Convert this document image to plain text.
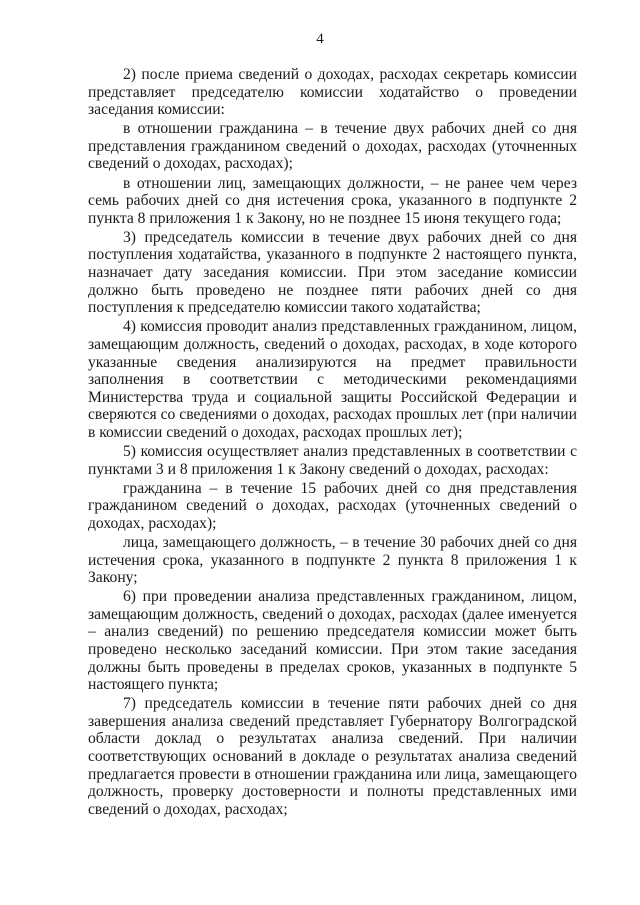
4

2) после приема сведений о доходах, расходах секретарь комиссии представляет председателю комиссии ходатайство о проведении заседания комиссии:

в отношении гражданина – в течение двух рабочих дней со дня представления гражданином сведений о доходах, расходах (уточненных сведений о доходах, расходах);

в отношении лиц, замещающих должности, – не ранее чем через семь рабочих дней со дня истечения срока, указанного в подпункте 2 пункта 8 приложения 1 к Закону, но не позднее 15 июня текущего года;

3) председатель комиссии в течение двух рабочих дней со дня поступления ходатайства, указанного в подпункте 2 настоящего пункта, назначает дату заседания комиссии. При этом заседание комиссии должно быть проведено не позднее пяти рабочих дней со дня поступления к председателю комиссии такого ходатайства;

4) комиссия проводит анализ представленных гражданином, лицом, замещающим должность, сведений о доходах, расходах, в ходе которого указанные сведения анализируются на предмет правильности заполнения в соответствии с методическими рекомендациями Министерства труда и социальной защиты Российской Федерации и сверяются со сведениями о доходах, расходах прошлых лет (при наличии в комиссии сведений о доходах, расходах прошлых лет);

5) комиссия осуществляет анализ представленных в соответствии с пунктами 3 и 8 приложения 1 к Закону сведений о доходах, расходах:

гражданина – в течение 15 рабочих дней со дня представления гражданином сведений о доходах, расходах (уточненных сведений о доходах, расходах);

лица, замещающего должность, – в течение 30 рабочих дней со дня истечения срока, указанного в подпункте 2 пункта 8 приложения 1 к Закону;

6) при проведении анализа представленных гражданином, лицом, замещающим должность, сведений о доходах, расходах (далее именуется – анализ сведений) по решению председателя комиссии может быть проведено несколько заседаний комиссии. При этом такие заседания должны быть проведены в пределах сроков, указанных в подпункте 5 настоящего пункта;

7) председатель комиссии в течение пяти рабочих дней со дня завершения анализа сведений представляет Губернатору Волгоградской области доклад о результатах анализа сведений. При наличии соответствующих оснований в докладе о результатах анализа сведений предлагается провести в отношении гражданина или лица, замещающего должность, проверку достоверности и полноты представленных ими сведений о доходах, расходах;
